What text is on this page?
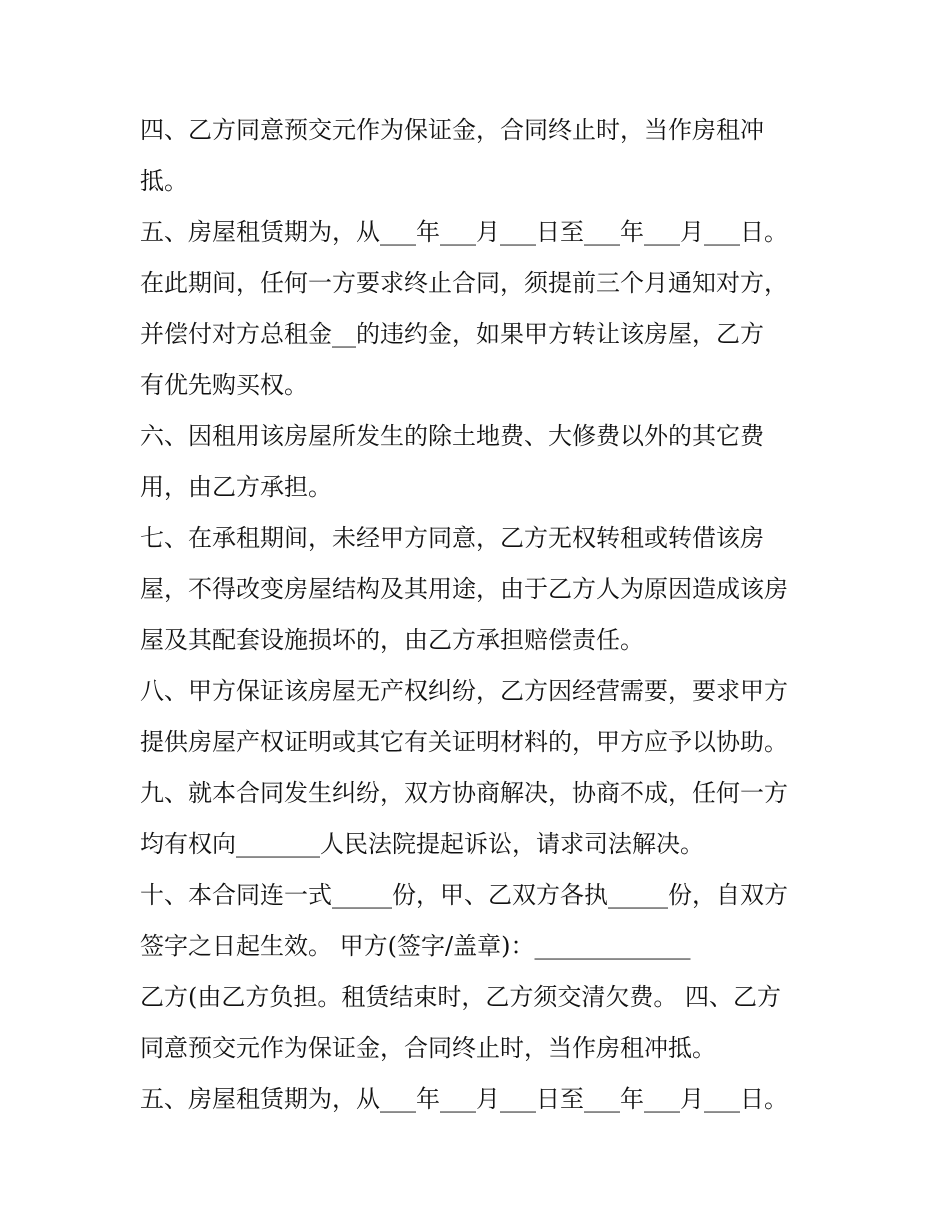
四、乙方同意预交元作为保证金，合同终止时，当作房租冲
抵。
五、房屋租赁期为，从___年___月___日至___年___月___日。
在此期间，任何一方要求终止合同，须提前三个月通知对方，
并偿付对方总租金__的违约金，如果甲方转让该房屋，乙方
有优先购买权。
六、因租用该房屋所发生的除土地费、大修费以外的其它费
用，由乙方承担。
七、在承租期间，未经甲方同意，乙方无权转租或转借该房
屋，不得改变房屋结构及其用途，由于乙方人为原因造成该房
屋及其配套设施损坏的，由乙方承担赔偿责任。
八、甲方保证该房屋无产权纠纷，乙方因经营需要，要求甲方
提供房屋产权证明或其它有关证明材料的，甲方应予以协助。
九、就本合同发生纠纷，双方协商解决，协商不成，任何一方
均有权向_______人民法院提起诉讼，请求司法解决。
十、本合同连一式_____份，甲、乙双方各执_____份，自双方
签字之日起生效。 甲方(签字/盖章)：_____________
乙方(由乙方负担。租赁结束时，乙方须交清欠费。 四、乙方
同意预交元作为保证金，合同终止时，当作房租冲抵。
五、房屋租赁期为，从___年___月___日至___年___月___日。
